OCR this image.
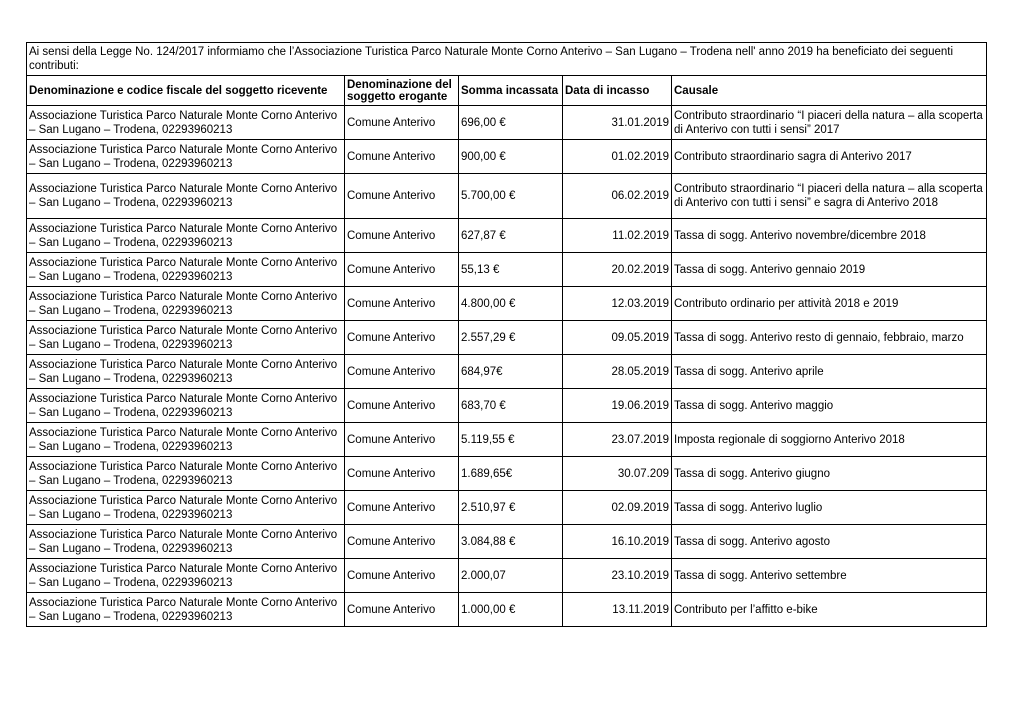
Ai sensi della Legge No. 124/2017 informiamo che l’Associazione Turistica Parco Naturale Monte Corno Anterivo – San Lugano – Trodena nell' anno 2019 ha beneficiato dei seguenti contributi:				
Denominazione e codice fiscale del soggetto ricevente	Denominazione del soggetto erogante	Somma incassata	Data di incasso	Causale
Associazione Turistica Parco Naturale Monte Corno Anterivo – San Lugano – Trodena, 02293960213	Comune Anterivo	696,00 €	31.01.2019	Contributo straordinario “I piaceri della natura – alla scoperta di Anterivo con tutti i sensi” 2017
Associazione Turistica Parco Naturale Monte Corno Anterivo – San Lugano – Trodena, 02293960213	Comune Anterivo	900,00 €	01.02.2019	Contributo straordinario sagra di Anterivo 2017
Associazione Turistica Parco Naturale Monte Corno Anterivo – San Lugano – Trodena, 02293960213	Comune Anterivo	5.700,00 €	06.02.2019	Contributo straordinario “I piaceri della natura – alla scoperta di Anterivo con tutti i sensi” e sagra di Anterivo 2018
Associazione Turistica Parco Naturale Monte Corno Anterivo – San Lugano – Trodena, 02293960213	Comune Anterivo	627,87 €	11.02.2019	Tassa di sogg. Anterivo novembre/dicembre 2018
Associazione Turistica Parco Naturale Monte Corno Anterivo – San Lugano – Trodena, 02293960213	Comune Anterivo	55,13 €	20.02.2019	Tassa di sogg. Anterivo gennaio 2019
Associazione Turistica Parco Naturale Monte Corno Anterivo – San Lugano – Trodena, 02293960213	Comune Anterivo	4.800,00 €	12.03.2019	Contributo ordinario per attività 2018 e 2019
Associazione Turistica Parco Naturale Monte Corno Anterivo – San Lugano – Trodena, 02293960213	Comune Anterivo	2.557,29 €	09.05.2019	Tassa di sogg. Anterivo resto di gennaio, febbraio, marzo
Associazione Turistica Parco Naturale Monte Corno Anterivo – San Lugano – Trodena, 02293960213	Comune Anterivo	684,97€	28.05.2019	Tassa di sogg. Anterivo aprile
Associazione Turistica Parco Naturale Monte Corno Anterivo – San Lugano – Trodena, 02293960213	Comune Anterivo	683,70 €	19.06.2019	Tassa di sogg. Anterivo maggio
Associazione Turistica Parco Naturale Monte Corno Anterivo – San Lugano – Trodena, 02293960213	Comune Anterivo	5.119,55 €	23.07.2019	Imposta regionale di soggiorno Anterivo 2018
Associazione Turistica Parco Naturale Monte Corno Anterivo – San Lugano – Trodena, 02293960213	Comune Anterivo	1.689,65€	30.07.209	Tassa di sogg. Anterivo giugno
Associazione Turistica Parco Naturale Monte Corno Anterivo – San Lugano – Trodena, 02293960213	Comune Anterivo	2.510,97 €	02.09.2019	Tassa di sogg. Anterivo luglio
Associazione Turistica Parco Naturale Monte Corno Anterivo – San Lugano – Trodena, 02293960213	Comune Anterivo	3.084,88 €	16.10.2019	Tassa di sogg. Anterivo agosto
Associazione Turistica Parco Naturale Monte Corno Anterivo – San Lugano – Trodena, 02293960213	Comune Anterivo	2.000,07	23.10.2019	Tassa di sogg. Anterivo settembre
Associazione Turistica Parco Naturale Monte Corno Anterivo – San Lugano – Trodena, 02293960213	Comune Anterivo	1.000,00 €	13.11.2019	Contributo per l’affitto e-bike
